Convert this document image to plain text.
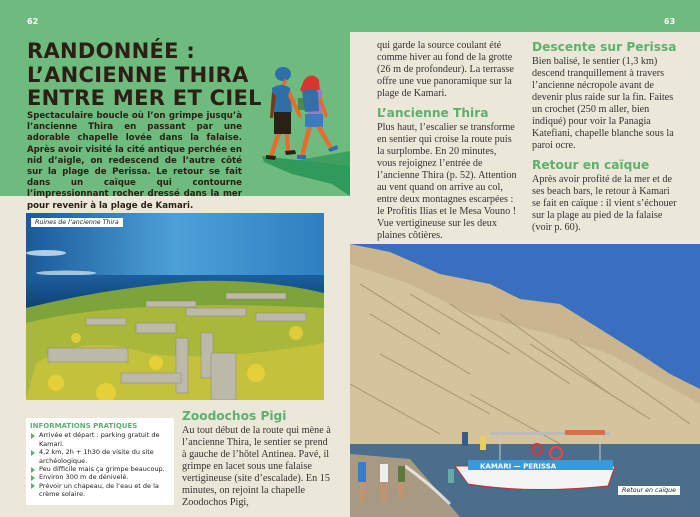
62	63
RANDONNÉE :
L’ANCIENNE THIRA
ENTRE MER ET CIEL

Spectaculaire boucle où l’on grimpe jusqu’à l’ancienne Thira en passant par une adorable chapelle lovée dans la falaise. Après avoir visité la cité antique perchée en nid d’aigle, on redescend de l’autre côté sur la plage de Perissa. Le retour se fait dans un caïque qui contourne l’impressionnant rocher dressé dans la mer pour revenir à la plage de Kamari.

Ruines de l’ancienne Thira
INFORMATIONS PRATIQUES
Arrivée et départ : parking gratuit de Kamari.
4,2 km, 2h + 1h30 de visite du site archéologique.
Peu difficile mais ça grimpe beaucoup.
Environ 300 m de dénivelé.
Prévoir un chapeau, de l’eau et de la crème solaire.
Zoodochos Pigi

Au tout début de la route qui mène à l’ancienne Thira, le sentier se prend à gauche de l’hôtel Antinea. Pavé, il grimpe en lacet sous une falaise vertigineuse (site d’escalade). En 15 minutes, on rejoint la chapelle Zoodochos Pigi,

qui garde la source coulant été comme hiver au fond de la grotte (26 m de profondeur). La terrasse offre une vue panoramique sur la plage de Kamari.

L’ancienne Thira

Plus haut, l’escalier se transforme en sentier qui croise la route puis la surplombe. En 20 minutes, vous rejoignez l’entrée de l’ancienne Thira (p. 52). Attention au vent quand on arrive au col, entre deux montagnes escarpées : le Profitis Ilias et le Mesa Vouno ! Vue vertigineuse sur les deux plaines côtières.

Descente sur Perissa

Bien balisé, le sentier (1,3 km) descend tranquillement à travers l’ancienne nécropole avant de devenir plus raide sur la fin. Faites un crochet (250 m aller, bien indiqué) pour voir la Panagia Katefiani, chapelle blanche sous la paroi ocre.

Retour en caïque

Après avoir profité de la mer et de ses beach bars, le retour à Kamari se fait en caïque : il vient s’échouer sur la plage au pied de la falaise (voir p. 60).

KAMARI — PERISSA
Retour en caïque
